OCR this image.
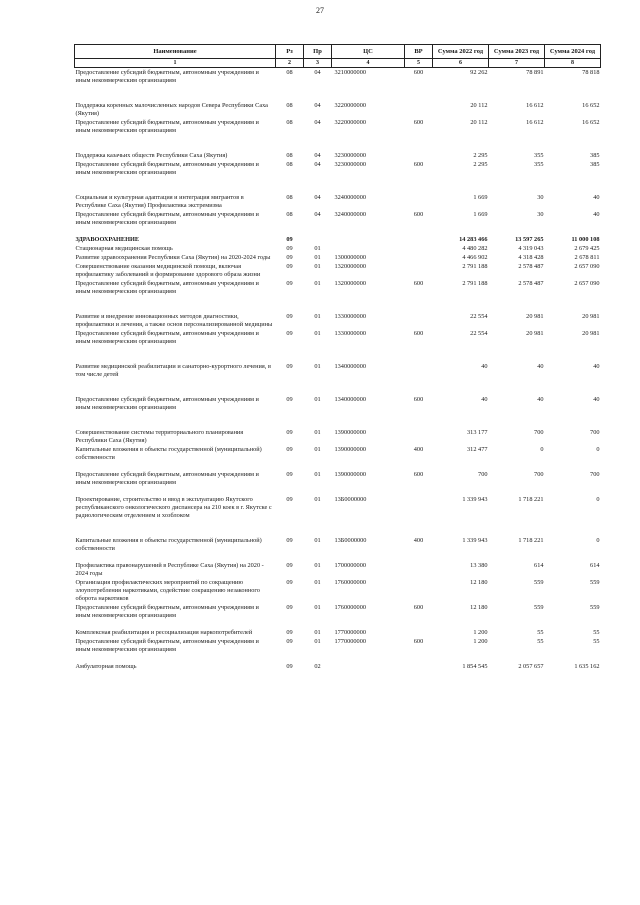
27
Наименование	Рз	Пр	ЦС	ВР	Сумма 2022 год	Сумма 2023 год	Сумма 2024 год
1	2	3	4	5	6	7	8
Предоставление субсидий бюджетным, автономным учреждениям и иным некоммерческим организациям	08	04	3210000000	600	92 262	78 891	78 818
Поддержка коренных малочисленных народов Севера Республики Саха (Якутия)	08	04	3220000000		20 112	16 612	16 652
Предоставление субсидий бюджетным, автономным учреждениям и иным некоммерческим организациям	08	04	3220000000	600	20 112	16 612	16 652
Поддержка казачьих обществ Республики Саха (Якутия)	08	04	3230000000		2 295	355	385
Предоставление субсидий бюджетным, автономным учреждениям и иным некоммерческим организациям	08	04	3230000000	600	2 295	355	385
Социальная и культурная адаптация и интеграция мигрантов в Республике Саха (Якутия) Профилактика экстремизма	08	04	3240000000		1 669	30	40
Предоставление субсидий бюджетным, автономным учреждениям и иным некоммерческим организациям	08	04	3240000000	600	1 669	30	40
ЗДРАВООХРАНЕНИЕ	09				14 283 466	13 597 265	11 000 108
Стационарная медицинская помощь	09	01			4 480 282	4 319 043	2 679 425
Развитие здравоохранения Республики Саха (Якутия) на 2020-2024 годы	09	01	1300000000		4 466 902	4 318 428	2 678 811
Совершенствование оказания медицинской помощи, включая профилактику заболеваний и формирование здорового образа жизни	09	01	1320000000		2 791 188	2 578 487	2 657 090
Предоставление субсидий бюджетным, автономным учреждениям и иным некоммерческим организациям	09	01	1320000000	600	2 791 188	2 578 487	2 657 090
Развитие и внедрение инновационных методов диагностики, профилактики и лечения, а также основ персонализированной медицины	09	01	1330000000		22 554	20 981	20 981
Предоставление субсидий бюджетным, автономным учреждениям и иным некоммерческим организациям	09	01	1330000000	600	22 554	20 981	20 981
Развитие медицинской реабилитации и санаторно-курортного лечения, в том числе детей	09	01	1340000000		40	40	40
Предоставление субсидий бюджетным, автономным учреждениям и иным некоммерческим организациям	09	01	1340000000	600	40	40	40
Совершенствование системы территориального планирования Республики Саха (Якутия)	09	01	1390000000		313 177	700	700
Капитальные вложения в объекты государственной (муниципальной) собственности	09	01	1390000000	400	312 477	0	0
Предоставление субсидий бюджетным, автономным учреждениям и иным некоммерческим организациям	09	01	1390000000	600	700	700	700
Проектирование, строительство и ввод в эксплуатацию Якутского республиканского онкологического диспансера на 210 коек в г. Якутске с радиологическим отделением и хозблоком	09	01	13Б0000000		1 339 943	1 718 221	0
Капитальные вложения в объекты государственной (муниципальной) собственности	09	01	13Б0000000	400	1 339 943	1 718 221	0
Профилактика правонарушений в Республике Саха (Якутия) на 2020 - 2024 годы	09	01	1700000000		13 380	614	614
Организация профилактических мероприятий по сокращению злоупотребления наркотиками, содействие сокращению незаконного оборота наркотиков	09	01	1760000000		12 180	559	559
Предоставление субсидий бюджетным, автономным учреждениям и иным некоммерческим организациям	09	01	1760000000	600	12 180	559	559
Комплексная реабилитация и ресоциализация наркопотребителей	09	01	1770000000		1 200	55	55
Предоставление субсидий бюджетным, автономным учреждениям и иным некоммерческим организациям	09	01	1770000000	600	1 200	55	55
Амбулаторная помощь	09	02			1 854 545	2 057 657	1 635 162
